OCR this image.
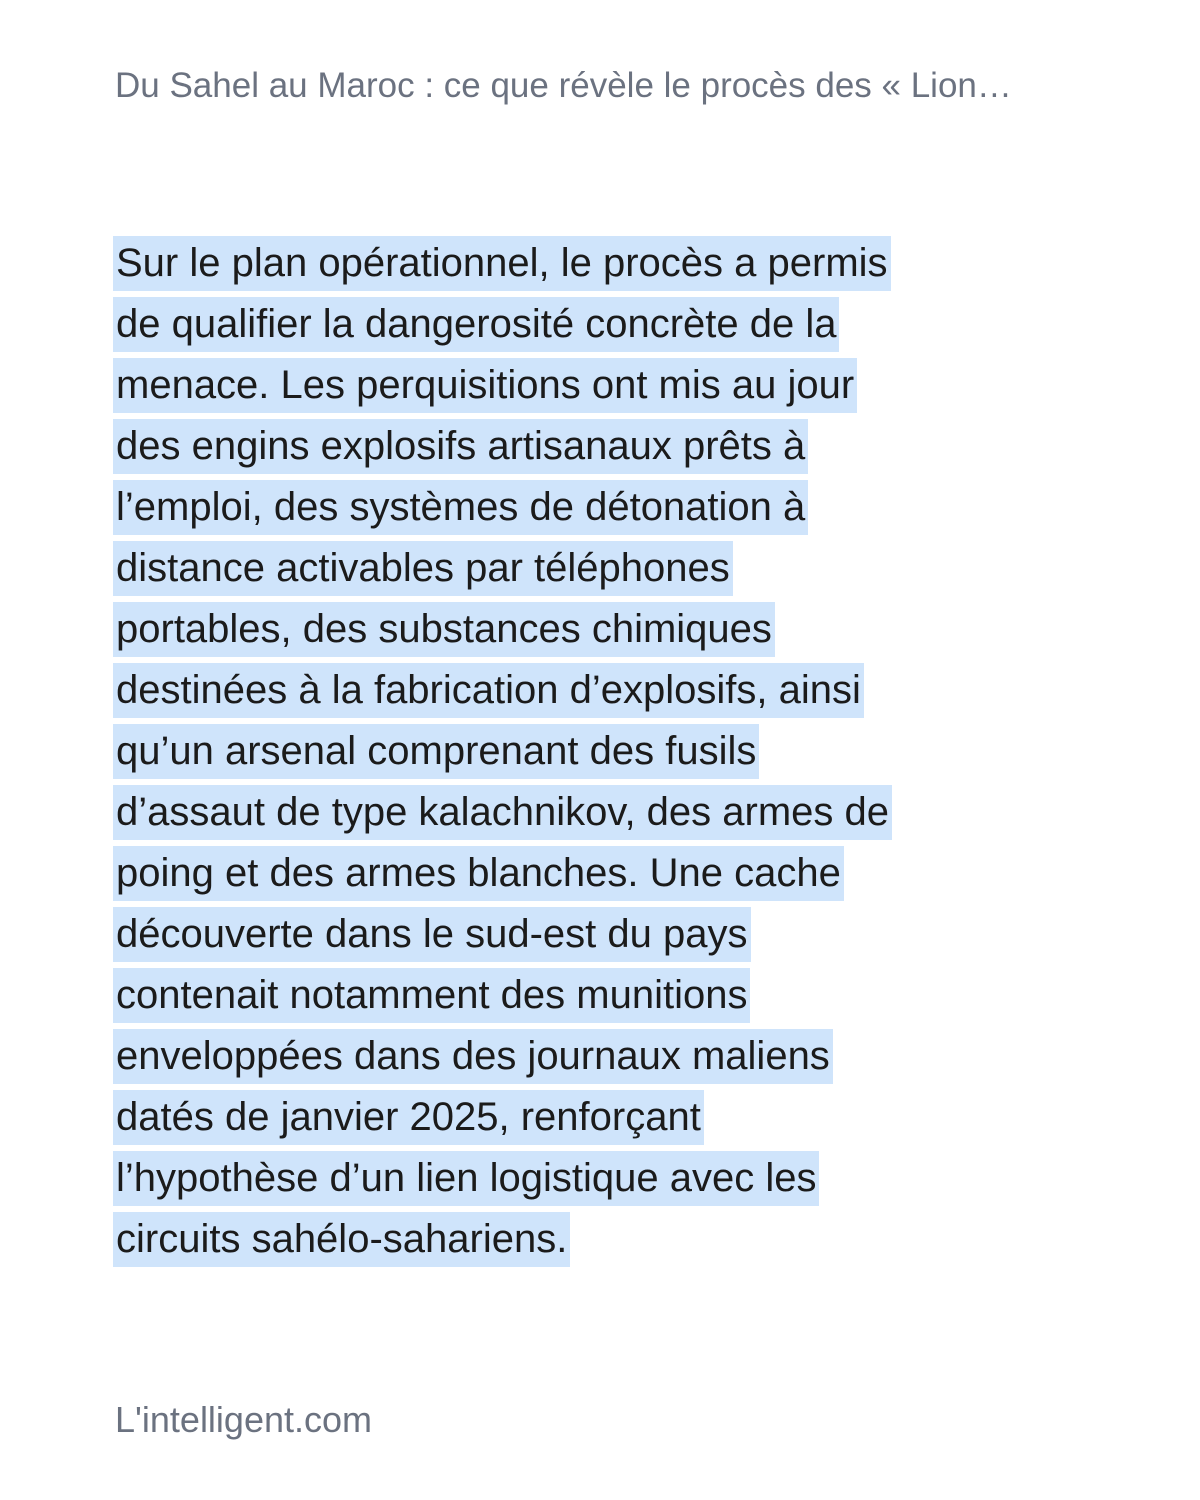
Du Sahel au Maroc : ce que révèle le procès des « Lion…
Sur le plan opérationnel, le procès a permis
de qualifier la dangerosité concrète de la
menace. Les perquisitions ont mis au jour
des engins explosifs artisanaux prêts à
l’emploi, des systèmes de détonation à
distance activables par téléphones
portables, des substances chimiques
destinées à la fabrication d’explosifs, ainsi
qu’un arsenal comprenant des fusils
d’assaut de type kalachnikov, des armes de
poing et des armes blanches. Une cache
découverte dans le sud-est du pays
contenait notamment des munitions
enveloppées dans des journaux maliens
datés de janvier 2025, renforçant
l’hypothèse d’un lien logistique avec les
circuits sahélo-sahariens.
L'intelligent.com
